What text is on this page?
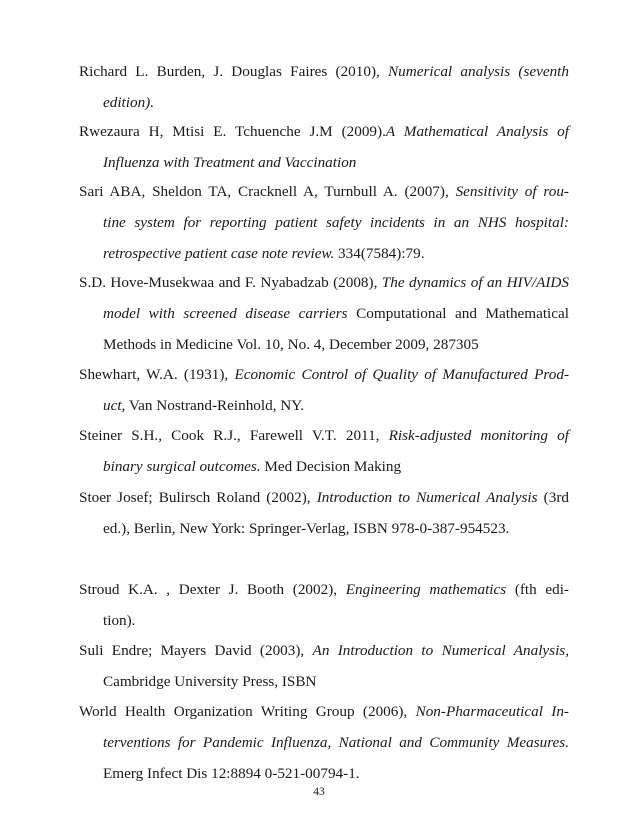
Richard L. Burden, J. Douglas Faires (2010), Numerical analysis (seventh
edition).
Rwezaura H, Mtisi E. Tchuenche J.M (2009).A Mathematical Analysis of
Influenza with Treatment and Vaccination
Sari ABA, Sheldon TA, Cracknell A, Turnbull A. (2007), Sensitivity of rou-
tine system for reporting patient safety incidents in an NHS hospital:
retrospective patient case note review. 334(7584):79.
S.D. Hove-Musekwaa and F. Nyabadzab (2008), The dynamics of an HIV/AIDS
model with screened disease carriers Computational and Mathematical
Methods in Medicine Vol. 10, No. 4, December 2009, 287305
Shewhart, W.A. (1931), Economic Control of Quality of Manufactured Prod-
uct, Van Nostrand-Reinhold, NY.
Steiner S.H., Cook R.J., Farewell V.T. 2011, Risk-adjusted monitoring of
binary surgical outcomes. Med Decision Making
Stoer Josef; Bulirsch Roland (2002), Introduction to Numerical Analysis (3rd
ed.), Berlin, New York: Springer-Verlag, ISBN 978-0-387-954523.
Stroud K.A. , Dexter J. Booth (2002), Engineering mathematics (fth edi-
tion).
Suli Endre; Mayers David (2003), An Introduction to Numerical Analysis,
Cambridge University Press, ISBN
World Health Organization Writing Group (2006), Non-Pharmaceutical In-
terventions for Pandemic Influenza, National and Community Measures.
Emerg Infect Dis 12:8894 0-521-00794-1.
43
